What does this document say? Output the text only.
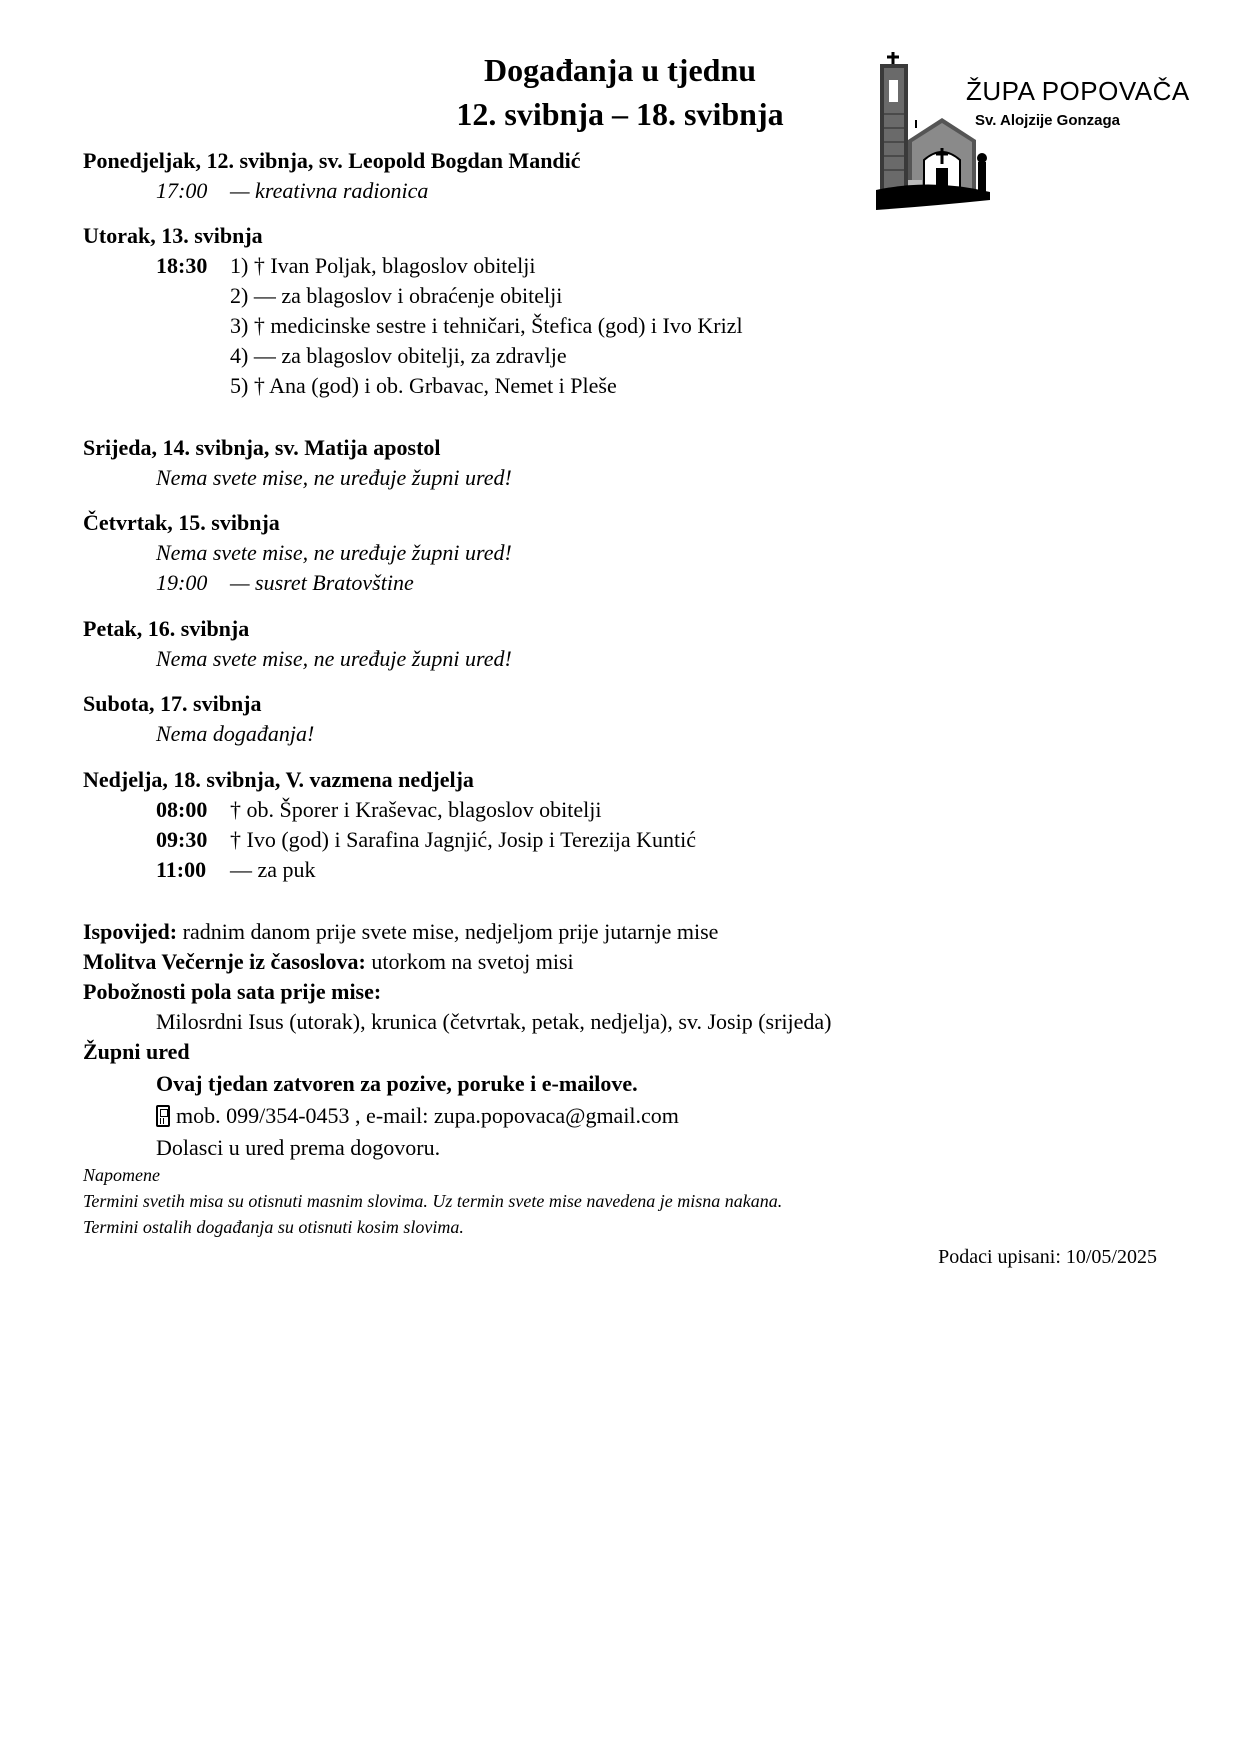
Događanja u tjednu
12. svibnja – 18. svibnja
ŽUPA POPOVAČA
Sv. Alojzije Gonzaga
Ponedjeljak, 12. svibnja, sv. Leopold Bogdan Mandić
17:00 — kreativna radionica
Utorak, 13. svibnja
18:30 1) † Ivan Poljak, blagoslov obitelji
2) — za blagoslov i obraćenje obitelji
3) † medicinske sestre i tehničari, Štefica (god) i Ivo Krizl
4) — za blagoslov obitelji, za zdravlje
5) † Ana (god) i ob. Grbavac, Nemet i Pleše
Srijeda, 14. svibnja, sv. Matija apostol
Nema svete mise, ne uređuje župni ured!
Četvrtak, 15. svibnja
Nema svete mise, ne uređuje župni ured!
19:00 — susret Bratovštine
Petak, 16. svibnja
Nema svete mise, ne uređuje župni ured!
Subota, 17. svibnja
Nema događanja!
Nedjelja, 18. svibnja, V. vazmena nedjelja
08:00 † ob. Šporer i Kraševac, blagoslov obitelji
09:30 † Ivo (god) i Sarafina Jagnjić, Josip i Terezija Kuntić
11:00 — za puk
Ispovijed: radnim danom prije svete mise, nedjeljom prije jutarnje mise
Molitva Večernje iz časoslova: utorkom na svetoj misi
Pobožnosti pola sata prije mise:
Milosrdni Isus (utorak), krunica (četvrtak, petak, nedjelja), sv. Josip (srijeda)
Župni ured
Ovaj tjedan zatvoren za pozive, poruke i e-mailove.
mob. 099/354-0453 , e-mail: zupa.popovaca@gmail.com
Dolasci u ured prema dogovoru.
Napomene
Termini svetih misa su otisnuti masnim slovima. Uz termin svete mise navedena je misna nakana.
Termini ostalih događanja su otisnuti kosim slovima.
Podaci upisani: 10/05/2025
